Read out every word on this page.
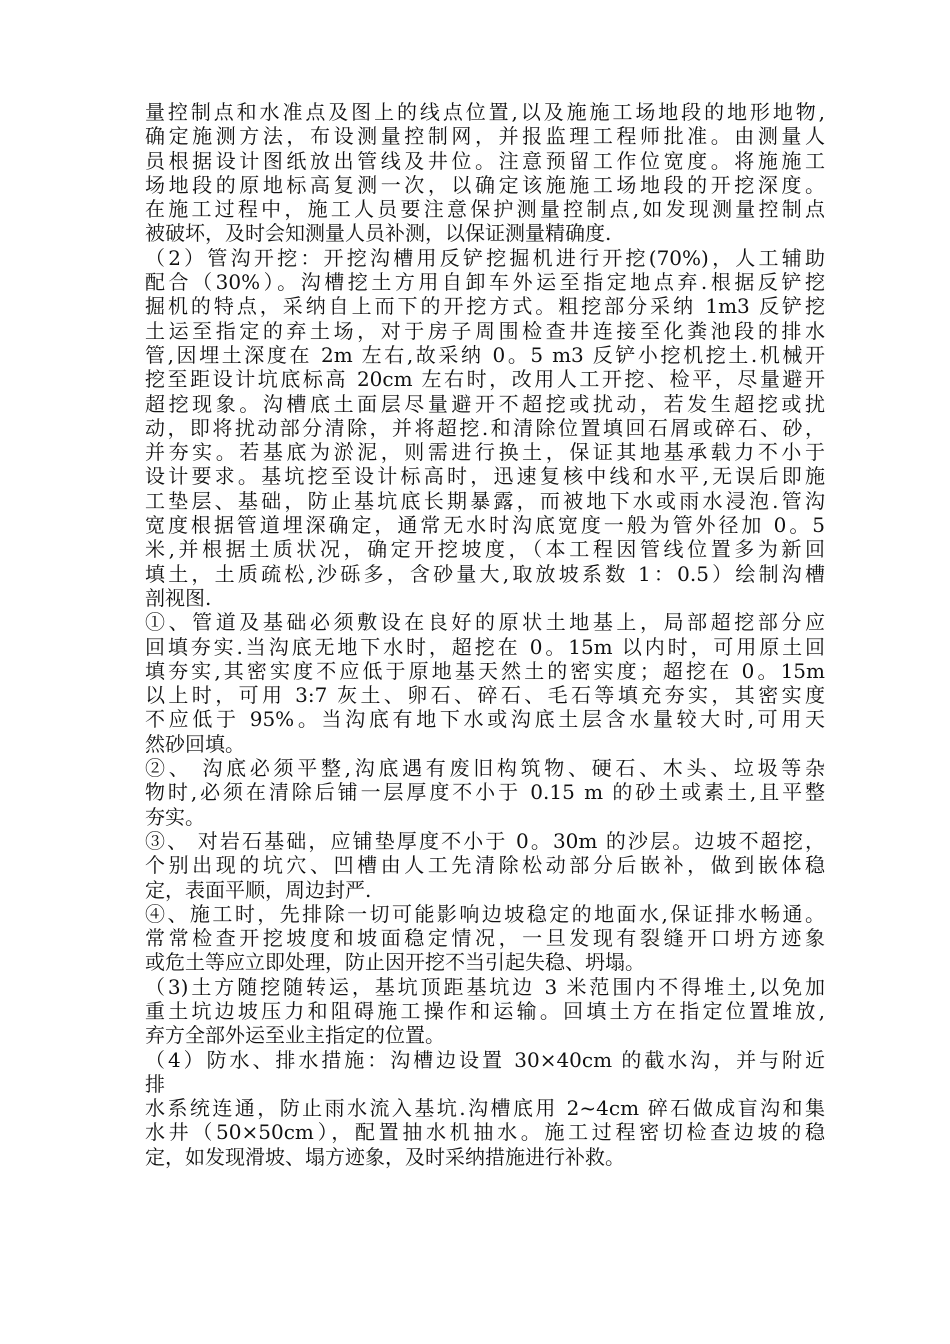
量控制点和水准点及图上的线点位置,以及施施工场地段的地形地物,
确定施测方法，布设测量控制网，并报监理工程师批准。由测量人
员根据设计图纸放出管线及井位。注意预留工作位宽度。将施施工
场地段的原地标高复测一次，以确定该施施工场地段的开挖深度。
在施工过程中，施工人员要注意保护测量控制点,如发现测量控制点
被破坏，及时会知测量人员补测，以保证测量精确度.
（2）管沟开挖：开挖沟槽用反铲挖掘机进行开挖(70%)，人工辅助
配合（30%）。沟槽挖土方用自卸车外运至指定地点弃.根据反铲挖
掘机的特点，采纳自上而下的开挖方式。粗挖部分采纳 1m3 反铲挖
土运至指定的弃土场，对于房子周围检查井连接至化粪池段的排水
管,因埋土深度在 2m 左右,故采纳 0。5 m3 反铲小挖机挖土.机械开
挖至距设计坑底标高 20cm 左右时，改用人工开挖、检平，尽量避开
超挖现象。沟槽底土面层尽量避开不超挖或扰动，若发生超挖或扰
动，即将扰动部分清除，并将超挖.和清除位置填回石屑或碎石、砂，
并夯实。若基底为淤泥，则需进行换土，保证其地基承载力不小于
设计要求。基坑挖至设计标高时，迅速复核中线和水平,无误后即施
工垫层、基础，防止基坑底长期暴露，而被地下水或雨水浸泡.管沟
宽度根据管道埋深确定，通常无水时沟底宽度一般为管外径加 0。5
米,并根据土质状况，确定开挖坡度，（本工程因管线位置多为新回
填土，土质疏松,沙砾多，含砂量大,取放坡系数 1：0.5）绘制沟槽
剖视图.
①、管道及基础必须敷设在良好的原状土地基上，局部超挖部分应
回填夯实.当沟底无地下水时，超挖在 0。15m 以内时，可用原土回
填夯实,其密实度不应低于原地基天然土的密实度；超挖在 0。15m
以上时，可用 3:7 灰土、卵石、碎石、毛石等填充夯实，其密实度
不应低于 95%。当沟底有地下水或沟底土层含水量较大时,可用天
然砂回填。
②、 沟底必须平整,沟底遇有废旧构筑物、硬石、木头、垃圾等杂
物时,必须在清除后铺一层厚度不小于 0.15 m 的砂土或素土,且平整
夯实。
③、 对岩石基础，应铺垫厚度不小于 0。30m 的沙层。边坡不超挖，
个别出现的坑穴、凹槽由人工先清除松动部分后嵌补，做到嵌体稳
定，表面平顺，周边封严.
④、施工时，先排除一切可能影响边坡稳定的地面水,保证排水畅通。
常常检查开挖坡度和坡面稳定情况，一旦发现有裂缝开口坍方迹象
或危土等应立即处理，防止因开挖不当引起失稳、坍塌。
（3)土方随挖随转运，基坑顶距基坑边 3 米范围内不得堆土,以免加
重土坑边坡压力和阻碍施工操作和运输。回填土方在指定位置堆放,
弃方全部外运至业主指定的位置。
（4）防水、排水措施：沟槽边设置 30×40cm 的截水沟，并与附近
排
水系统连通，防止雨水流入基坑.沟槽底用 2~4cm 碎石做成盲沟和集
水井（50×50cm），配置抽水机抽水。施工过程密切检查边坡的稳
定，如发现滑坡、塌方迹象，及时采纳措施进行补救。
